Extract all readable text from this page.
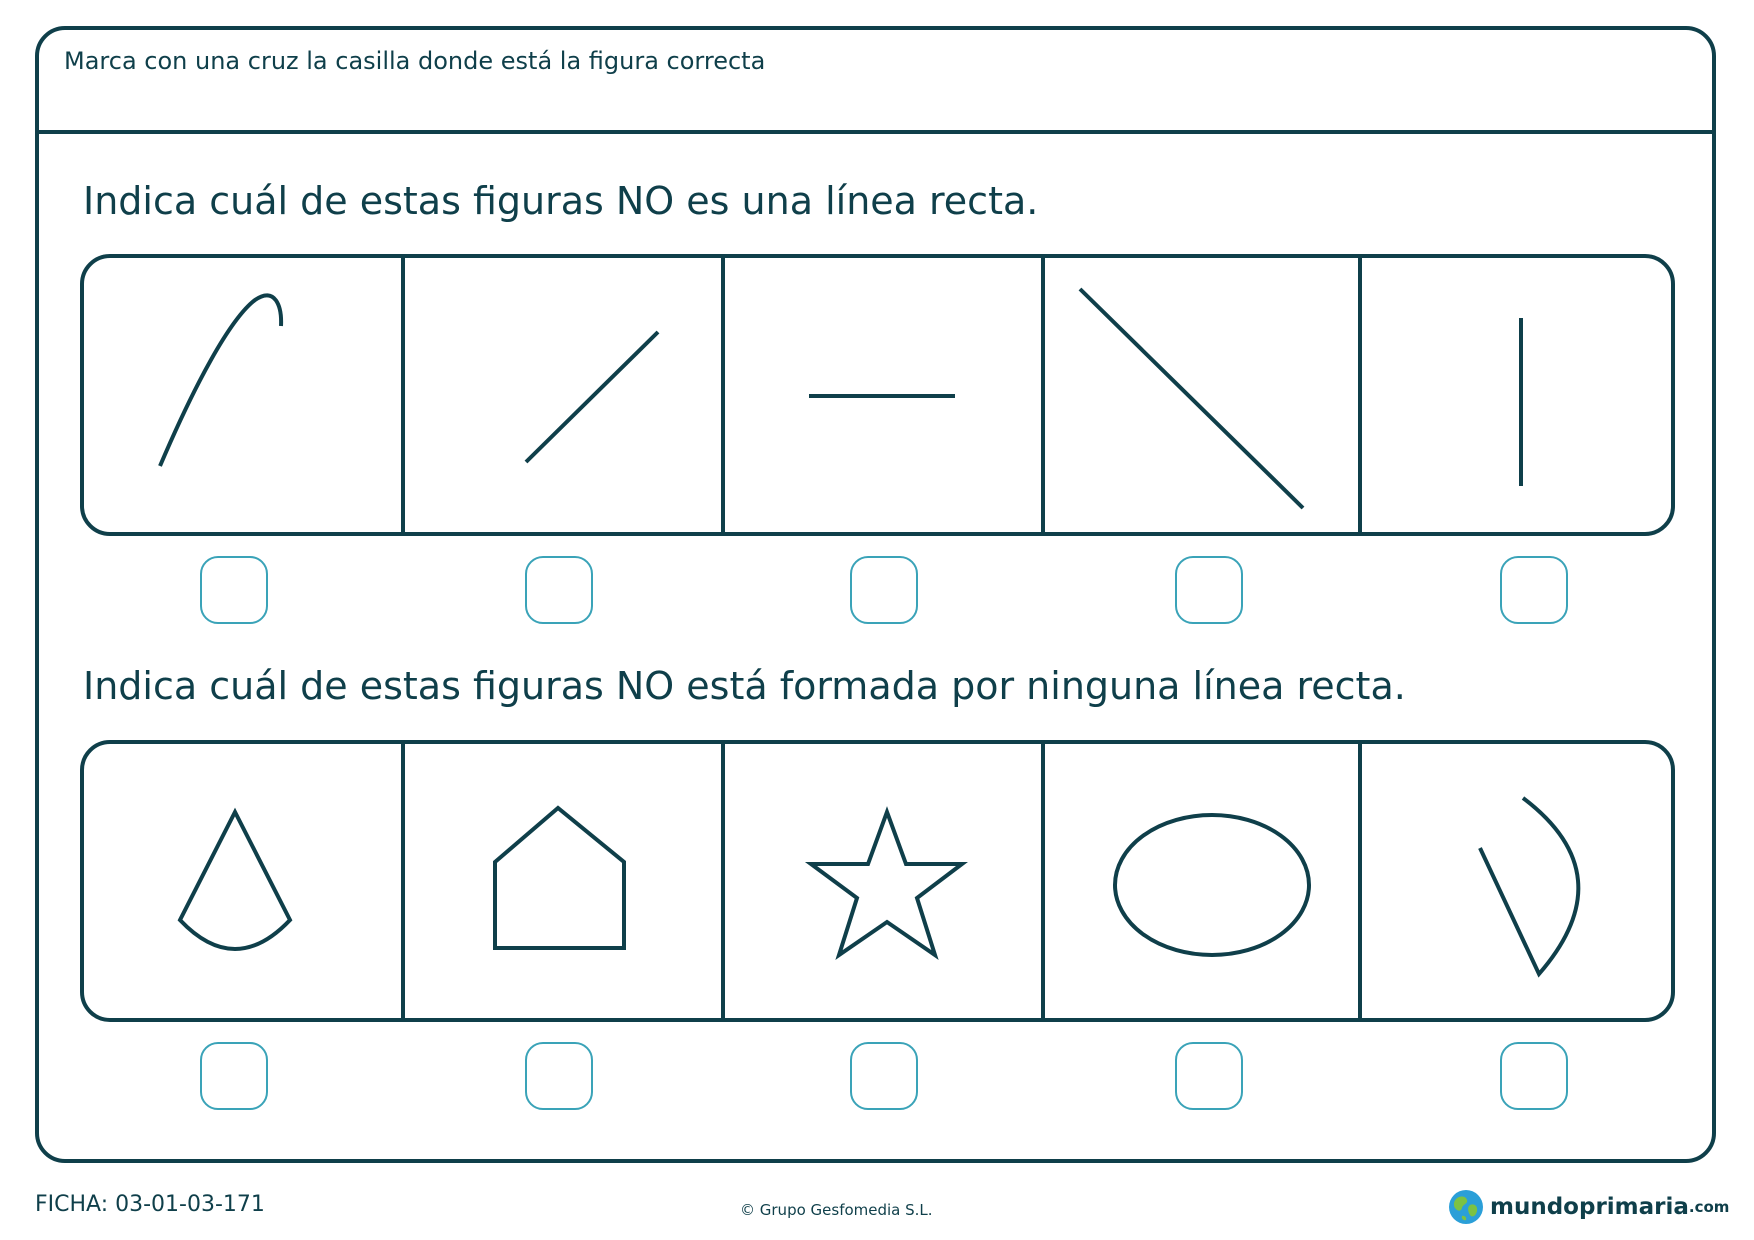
Marca con una cruz la casilla donde está la figura correcta
Indica cuál de estas figuras NO es una línea recta.
Indica cuál de estas figuras NO está formada por ninguna línea recta.
FICHA: 03-01-03-171	© Grupo Gesfomedia S.L.	mundoprimaria .com
